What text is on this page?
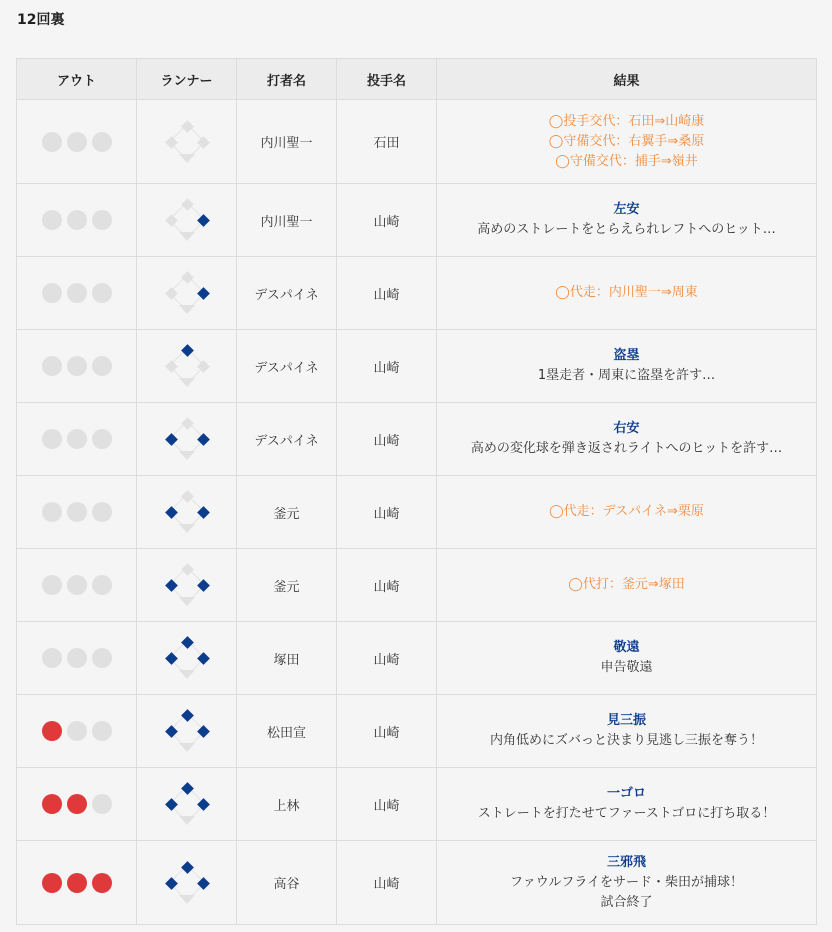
12回裏
アウト	ランナー	打者名	投手名	結果

	内川聖一	石田	◯投手交代：石田⇒山崎康
◯守備交代：右翼手⇒桑原
◯守備交代：捕手⇒嶺井

	内川聖一	山崎	左安
高めのストレートをとらえられレフトへのヒット…

	デスパイネ	山崎	◯代走：内川聖一⇒周東

	デスパイネ	山崎	盗塁
1塁走者・周東に盗塁を許す…

	デスパイネ	山崎	右安
高めの変化球を弾き返されライトへのヒットを許す…

	釜元	山崎	◯代走：デスパイネ⇒栗原

	釜元	山崎	◯代打：釜元⇒塚田

	塚田	山崎	敬遠
申告敬遠

	松田宣	山崎	見三振
内角低めにズバっと決まり見逃し三振を奪う！

	上林	山崎	一ゴロ
ストレートを打たせてファーストゴロに打ち取る！

	高谷	山崎	三邪飛
ファウルフライをサード・柴田が捕球！
試合終了
